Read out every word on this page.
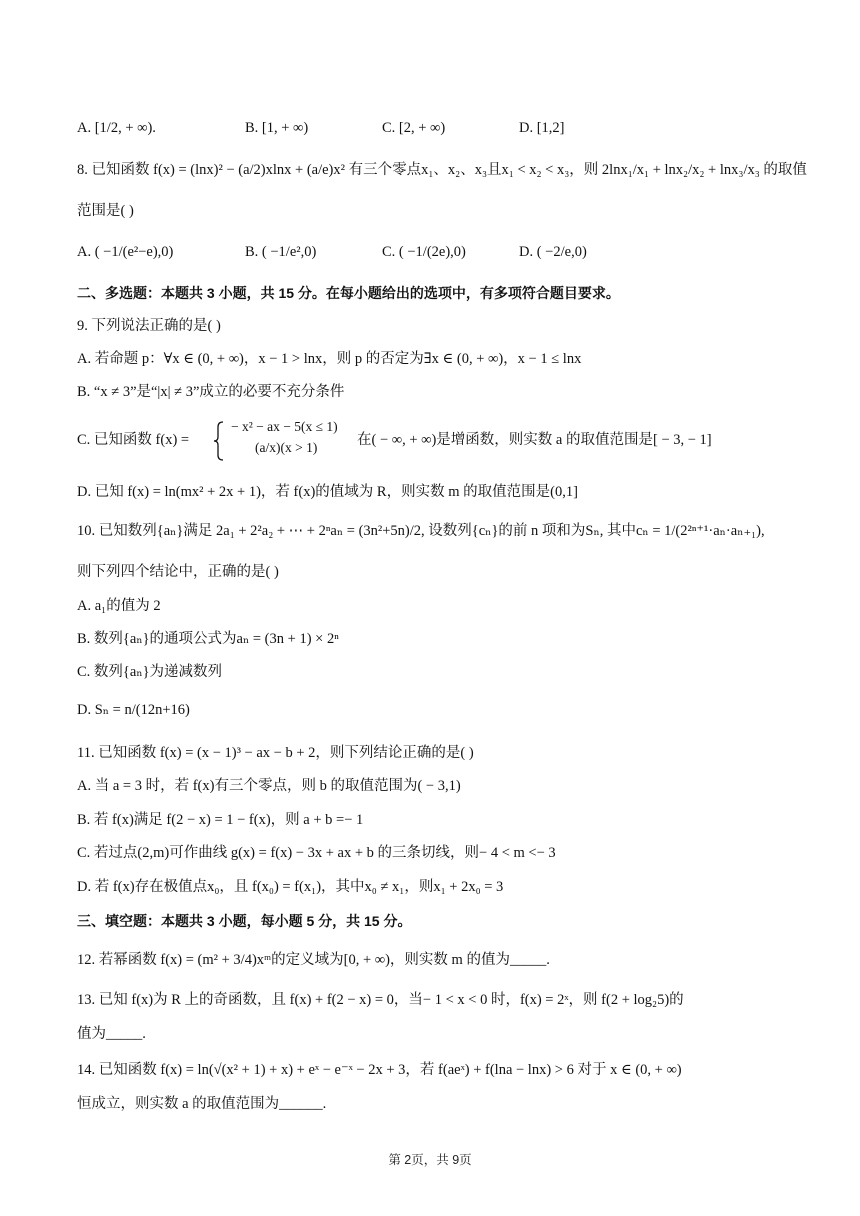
A. [1/2, + ∞).	B. [1, + ∞)	C. [2, + ∞)	D. [1,2]
8. 已知函数 f(x) = (lnx)² − (a/2)xlnx + (a/e)x² 有三个零点x₁、x₂、x₃且x₁ < x₂ < x₃，则 2lnx₁/x₁ + lnx₂/x₂ + lnx₃/x₃ 的取值
范围是( )
A. ( −1/(e²−e),0)	B. ( −1/e²,0)	C. ( −1/(2e),0)	D. ( −2/e,0)
二、多选题：本题共 3 小题，共 15 分。在每小题给出的选项中，有多项符合题目要求。
9. 下列说法正确的是( )
A. 若命题 p：∀x ∈ (0, + ∞)，x − 1 > lnx，则 p 的否定为∃x ∈ (0, + ∞)，x − 1 ≤ lnx
B. “x ≠ 3”是“|x| ≠ 3”成立的必要不充分条件
C. 已知函数 f(x) =
− x² − ax − 5(x ≤ 1)
(a/x)(x > 1)	在( − ∞, + ∞)是增函数，则实数 a 的取值范围是[ − 3, − 1]
D. 已知 f(x) = ln(mx² + 2x + 1)，若 f(x)的值域为 R，则实数 m 的取值范围是(0,1]
10. 已知数列{aₙ}满足 2a₁ + 2²a₂ + ⋯ + 2ⁿaₙ = (3n²+5n)/2, 设数列{cₙ}的前 n 项和为Sₙ, 其中cₙ = 1/(2²ⁿ⁺¹·aₙ·aₙ₊₁),
则下列四个结论中，正确的是( )
A. a₁的值为 2
B. 数列{aₙ}的通项公式为aₙ = (3n + 1) × 2ⁿ
C. 数列{aₙ}为递减数列
D. Sₙ = n/(12n+16)
11. 已知函数 f(x) = (x − 1)³ − ax − b + 2，则下列结论正确的是( )
A. 当 a = 3 时，若 f(x)有三个零点，则 b 的取值范围为( − 3,1)
B. 若 f(x)满足 f(2 − x) = 1 − f(x)，则 a + b =− 1
C. 若过点(2,m)可作曲线 g(x) = f(x) − 3x + ax + b 的三条切线，则− 4 < m <− 3
D. 若 f(x)存在极值点x₀，且 f(x₀) = f(x₁)，其中x₀ ≠ x₁，则x₁ + 2x₀ = 3
三、填空题：本题共 3 小题，每小题 5 分，共 15 分。
12. 若幂函数 f(x) = (m² + 3/4)xᵐ的定义域为[0, + ∞)，则实数 m 的值为_____.
13. 已知 f(x)为 R 上的奇函数，且 f(x) + f(2 − x) = 0，当− 1 < x < 0 时，f(x) = 2ˣ，则 f(2 + log₂5)的
值为_____.
14. 已知函数 f(x) = ln(√(x² + 1) + x) + eˣ − e⁻ˣ − 2x + 3，若 f(aeˣ) + f(lna − lnx) > 6 对于 x ∈ (0, + ∞)
恒成立，则实数 a 的取值范围为______.
第 2页，共 9页
